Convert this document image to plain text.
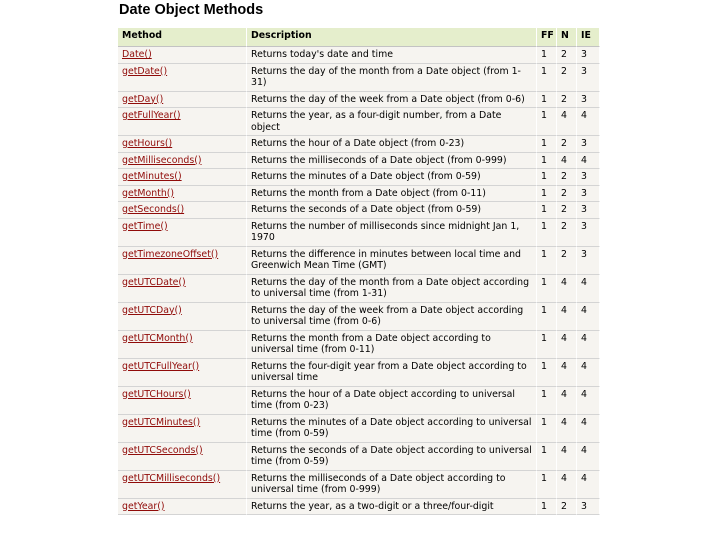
Date Object Methods
Method	Description	FF	N	IE
Date()	Returns today's date and time	1	2	3
getDate()	Returns the day of the month from a Date object (from 1-31)	1	2	3
getDay()	Returns the day of the week from a Date object (from 0-6)	1	2	3
getFullYear()	Returns the year, as a four-digit number, from a Date object	1	4	4
getHours()	Returns the hour of a Date object (from 0-23)	1	2	3
getMilliseconds()	Returns the milliseconds of a Date object (from 0-999)	1	4	4
getMinutes()	Returns the minutes of a Date object (from 0-59)	1	2	3
getMonth()	Returns the month from a Date object (from 0-11)	1	2	3
getSeconds()	Returns the seconds of a Date object (from 0-59)	1	2	3
getTime()	Returns the number of milliseconds since midnight Jan 1, 1970	1	2	3
getTimezoneOffset()	Returns the difference in minutes between local time and Greenwich Mean Time (GMT)	1	2	3
getUTCDate()	Returns the day of the month from a Date object according to universal time (from 1-31)	1	4	4
getUTCDay()	Returns the day of the week from a Date object according to universal time (from 0-6)	1	4	4
getUTCMonth()	Returns the month from a Date object according to universal time (from 0-11)	1	4	4
getUTCFullYear()	Returns the four-digit year from a Date object according to universal time	1	4	4
getUTCHours()	Returns the hour of a Date object according to universal time (from 0-23)	1	4	4
getUTCMinutes()	Returns the minutes of a Date object according to universal time (from 0-59)	1	4	4
getUTCSeconds()	Returns the seconds of a Date object according to universal time (from 0-59)	1	4	4
getUTCMilliseconds()	Returns the milliseconds of a Date object according to universal time (from 0-999)	1	4	4
getYear()	Returns the year, as a two-digit or a three/four-digit	1	2	3
